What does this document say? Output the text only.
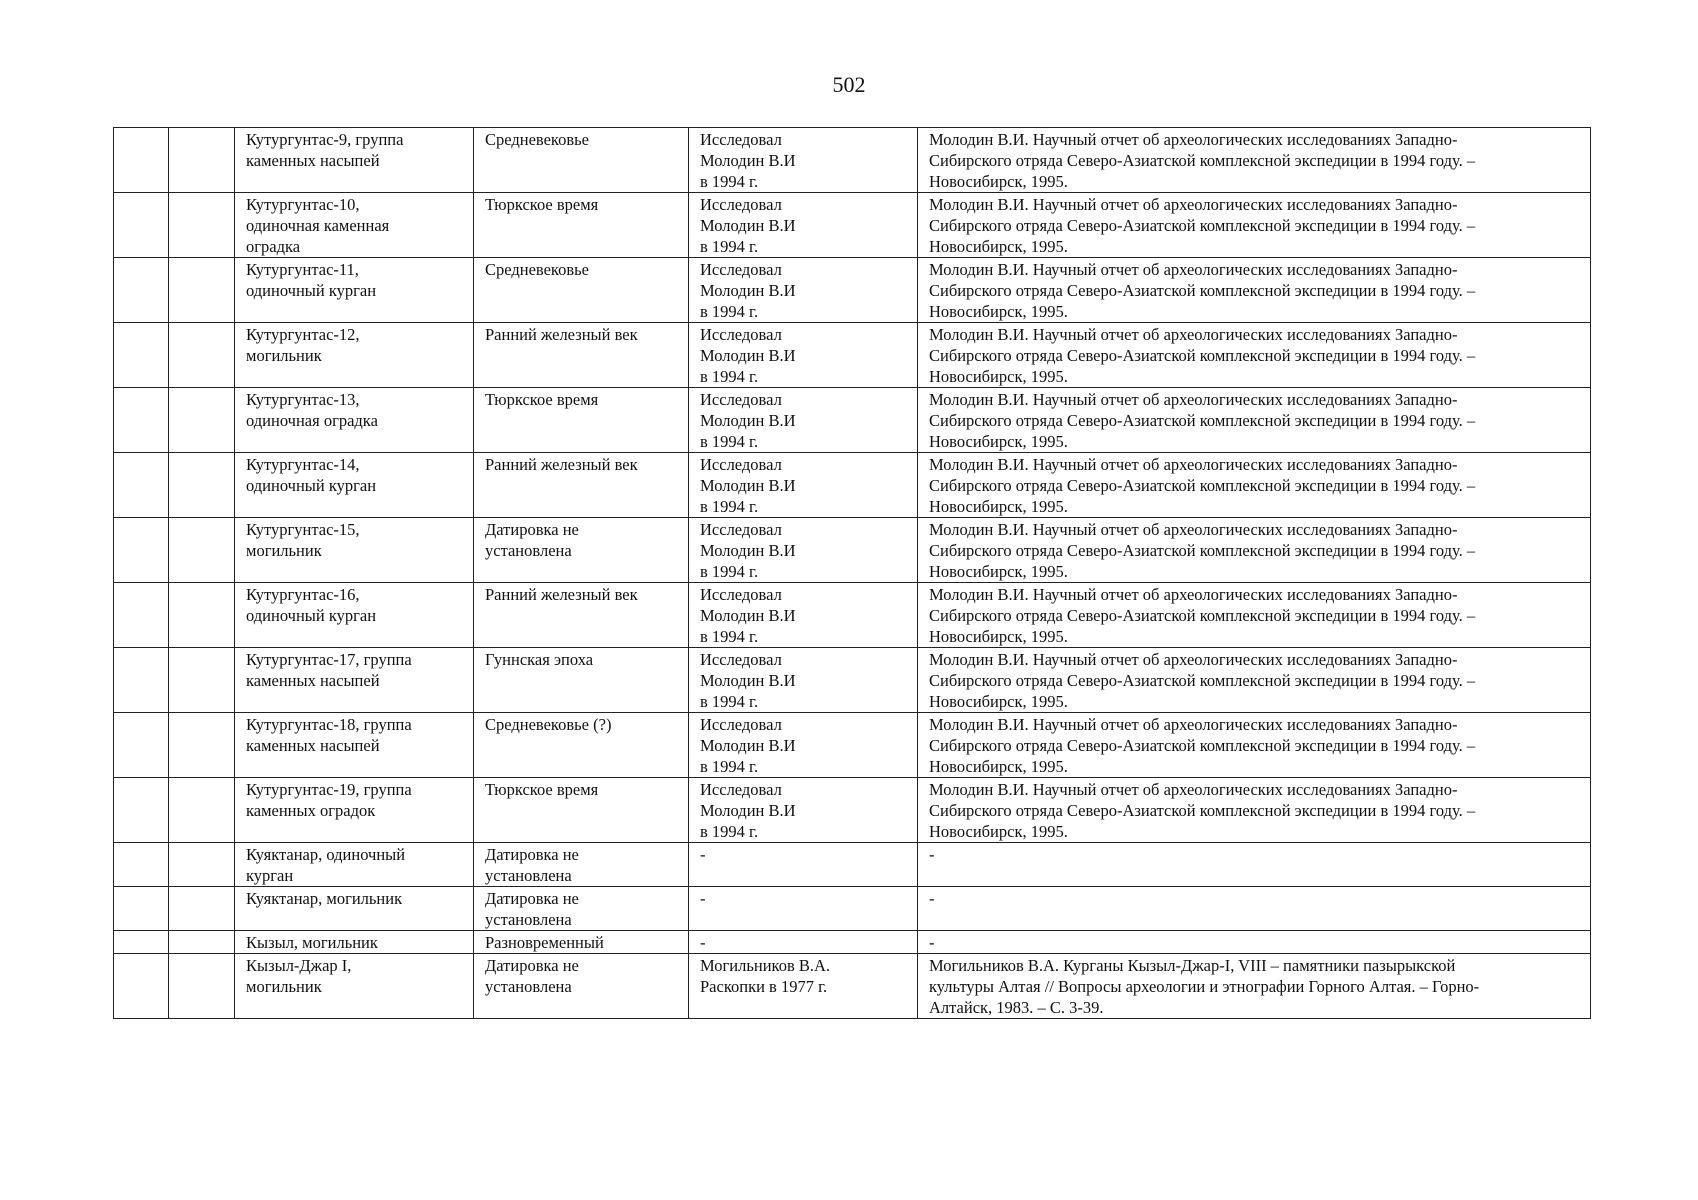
502

		Кутургунтас-9, группа
каменных насыпей	Средневековье	Исследовал
Молодин В.И
в 1994 г.	Молодин В.И. Научный отчет об археологических исследованиях Западно-
Сибирского отряда Северо-Азиатской комплексной экспедиции в 1994 году. –
Новосибирск, 1995.

		Кутургунтас-10,
одиночная каменная
оградка	Тюркское время	Исследовал
Молодин В.И
в 1994 г.	Молодин В.И. Научный отчет об археологических исследованиях Западно-
Сибирского отряда Северо-Азиатской комплексной экспедиции в 1994 году. –
Новосибирск, 1995.

		Кутургунтас-11,
одиночный курган	Средневековье	Исследовал
Молодин В.И
в 1994 г.	Молодин В.И. Научный отчет об археологических исследованиях Западно-
Сибирского отряда Северо-Азиатской комплексной экспедиции в 1994 году. –
Новосибирск, 1995.

		Кутургунтас-12,
могильник	Ранний железный век	Исследовал
Молодин В.И
в 1994 г.	Молодин В.И. Научный отчет об археологических исследованиях Западно-
Сибирского отряда Северо-Азиатской комплексной экспедиции в 1994 году. –
Новосибирск, 1995.

		Кутургунтас-13,
одиночная оградка	Тюркское время	Исследовал
Молодин В.И
в 1994 г.	Молодин В.И. Научный отчет об археологических исследованиях Западно-
Сибирского отряда Северо-Азиатской комплексной экспедиции в 1994 году. –
Новосибирск, 1995.

		Кутургунтас-14,
одиночный курган	Ранний железный век	Исследовал
Молодин В.И
в 1994 г.	Молодин В.И. Научный отчет об археологических исследованиях Западно-
Сибирского отряда Северо-Азиатской комплексной экспедиции в 1994 году. –
Новосибирск, 1995.

		Кутургунтас-15,
могильник	Датировка не
установлена	Исследовал
Молодин В.И
в 1994 г.	Молодин В.И. Научный отчет об археологических исследованиях Западно-
Сибирского отряда Северо-Азиатской комплексной экспедиции в 1994 году. –
Новосибирск, 1995.

		Кутургунтас-16,
одиночный курган	Ранний железный век	Исследовал
Молодин В.И
в 1994 г.	Молодин В.И. Научный отчет об археологических исследованиях Западно-
Сибирского отряда Северо-Азиатской комплексной экспедиции в 1994 году. –
Новосибирск, 1995.

		Кутургунтас-17, группа
каменных насыпей	Гуннская эпоха	Исследовал
Молодин В.И
в 1994 г.	Молодин В.И. Научный отчет об археологических исследованиях Западно-
Сибирского отряда Северо-Азиатской комплексной экспедиции в 1994 году. –
Новосибирск, 1995.

		Кутургунтас-18, группа
каменных насыпей	Средневековье (?)	Исследовал
Молодин В.И
в 1994 г.	Молодин В.И. Научный отчет об археологических исследованиях Западно-
Сибирского отряда Северо-Азиатской комплексной экспедиции в 1994 году. –
Новосибирск, 1995.

		Кутургунтас-19, группа
каменных оградок	Тюркское время	Исследовал
Молодин В.И
в 1994 г.	Молодин В.И. Научный отчет об археологических исследованиях Западно-
Сибирского отряда Северо-Азиатской комплексной экспедиции в 1994 году. –
Новосибирск, 1995.

		Куяктанар, одиночный
курган	Датировка не
установлена	-	-

		Куяктанар, могильник	Датировка не
установлена	-	-

		Кызыл, могильник	Разновременный	-	-

		Кызыл-Джар I,
могильник	Датировка не
установлена	Могильников В.А.
Раскопки в 1977 г.	Могильников В.А. Курганы Кызыл-Джар-I, VIII – памятники пазырыкской
культуры Алтая // Вопросы археологии и этнографии Горного Алтая. – Горно-
Алтайск, 1983. – С. 3-39.
